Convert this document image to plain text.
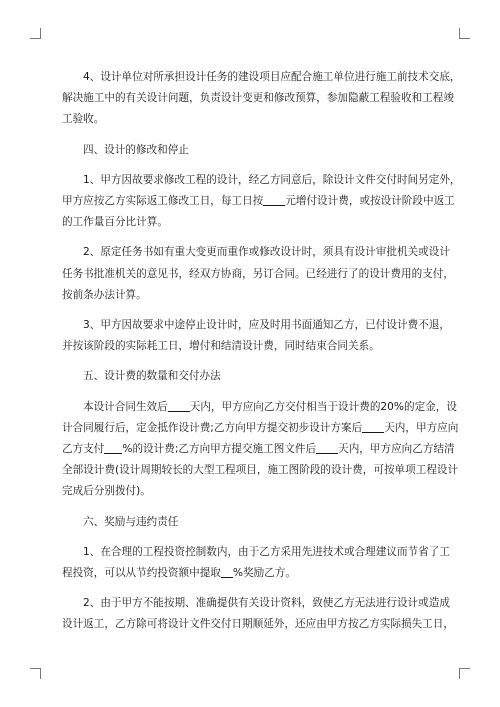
4、设计单位对所承担设计任务的建设项目应配合施工单位进行施工前技术交底，

解决施工中的有关设计问题，负责设计变更和修改预算，参加隐蔽工程验收和工程竣

工验收。

四、设计的修改和停止

1、甲方因故要求修改工程的设计，经乙方同意后，除设计文件交付时间另定外，

甲方应按乙方实际返工修改工日，每工日按 元增付设计费，或按设计阶段中返工

的工作量百分比计算。

2、原定任务书如有重大变更而重作或修改设计时，须具有设计审批机关或设计

任务书批准机关的意见书，经双方协商，另订合同。已经进行了的设计费用的支付，

按前条办法计算。

3、甲方因故要求中途停止设计时，应及时用书面通知乙方，已付设计费不退，

并按该阶段的实际耗工日，增付和结清设计费，同时结束合同关系。

五、设计费的数量和交付办法

本设计合同生效后 天内，甲方应向乙方交付相当于设计费的20%的定金，设

计合同履行后，定金抵作设计费;乙方向甲方提交初步设计方案后 天内，甲方应向

乙方支付 %的设计费;乙方向甲方提交施工图文件后 天内，甲方应向乙方结清

全部设计费(设计周期较长的大型工程项目，施工图阶段的设计费，可按单项工程设计

完成后分别拨付)。

六、奖励与违约责任

1、在合理的工程投资控制数内，由于乙方采用先进技术或合理建议而节省了工

程投资，可以从节约投资额中提取 %奖励乙方。

2、由于甲方不能按期、准确提供有关设计资料，致使乙方无法进行设计或造成

设计返工，乙方除可将设计文件交付日期顺延外，还应由甲方按乙方实际损失工日，
